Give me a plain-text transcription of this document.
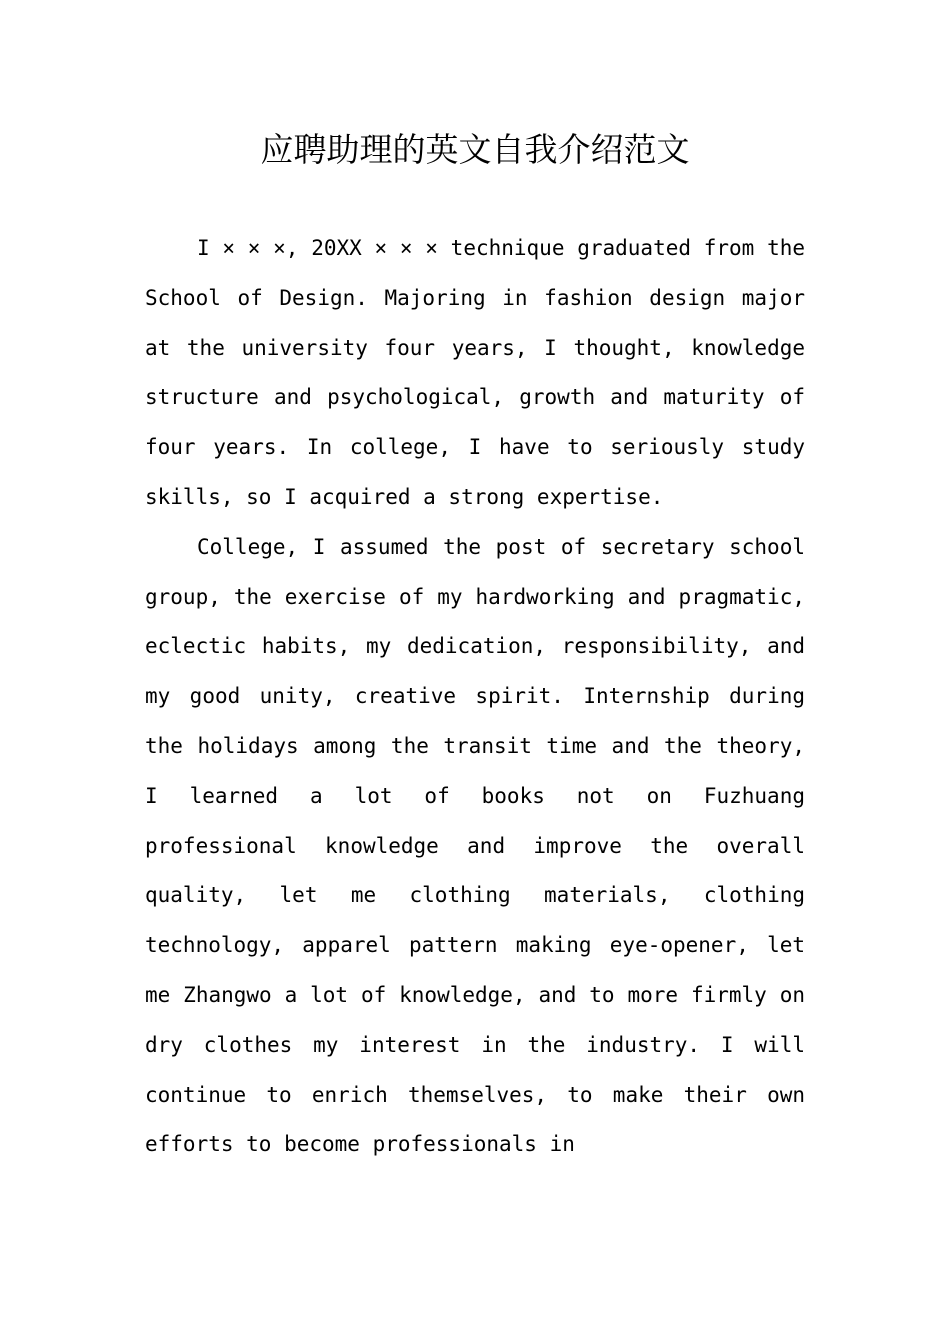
应聘助理的英文自我介绍范文

I × × ×, 20XX × × × technique graduated from the School of Design. Majoring in fashion design major at the university four years, I thought, knowledge structure and psychological, growth and maturity of four years. In college, I have to seriously study skills, so I acquired a strong expertise.

College, I assumed the post of secretary school group, the exercise of my hardworking and pragmatic, eclectic habits, my dedication, responsibility, and my good unity, creative spirit. Internship during the holidays among the transit time and the theory, I learned a lot of books not on Fuzhuang professional knowledge and improve the overall quality, let me clothing materials, clothing technology, apparel pattern making eye-opener, let me Zhangwo a lot of knowledge, and to more firmly on dry clothes my interest in the industry. I will continue to enrich themselves, to make their own efforts to become professionals in
